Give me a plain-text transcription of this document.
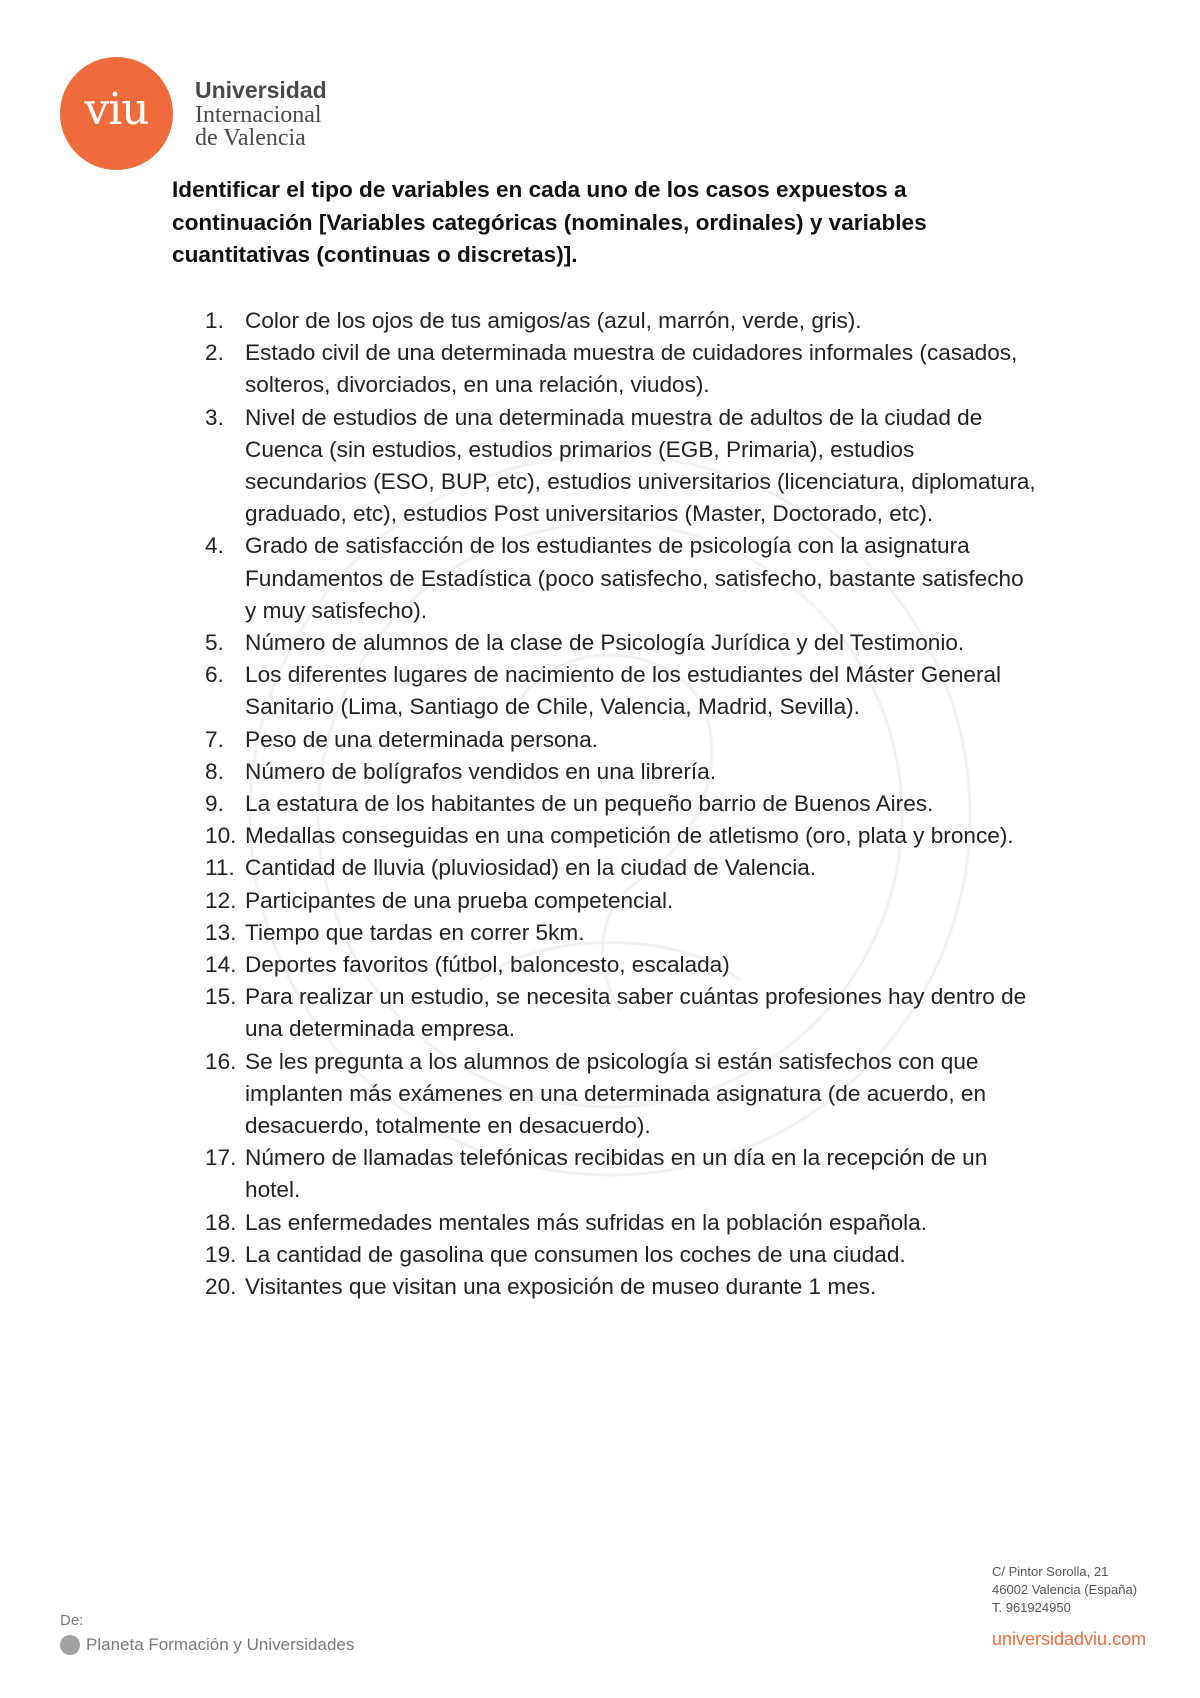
viu	Universidad
Internacional
de Valencia

Identificar el tipo de variables en cada uno de los casos expuestos a continuación [Variables categóricas (nominales, ordinales) y variables cuantitativas (continuas o discretas)].

1. Color de los ojos de tus amigos/as (azul, marrón, verde, gris).
2. Estado civil de una determinada muestra de cuidadores informales (casados, solteros, divorciados, en una relación, viudos).
3. Nivel de estudios de una determinada muestra de adultos de la ciudad de Cuenca (sin estudios, estudios primarios (EGB, Primaria), estudios secundarios (ESO, BUP, etc), estudios universitarios (licenciatura, diplomatura, graduado, etc), estudios Post universitarios (Master, Doctorado, etc).
4. Grado de satisfacción de los estudiantes de psicología con la asignatura Fundamentos de Estadística (poco satisfecho, satisfecho, bastante satisfecho y muy satisfecho).
5. Número de alumnos de la clase de Psicología Jurídica y del Testimonio.
6. Los diferentes lugares de nacimiento de los estudiantes del Máster General Sanitario (Lima, Santiago de Chile, Valencia, Madrid, Sevilla).
7. Peso de una determinada persona.
8. Número de bolígrafos vendidos en una librería.
9. La estatura de los habitantes de un pequeño barrio de Buenos Aires.
10. Medallas conseguidas en una competición de atletismo (oro, plata y bronce).
11. Cantidad de lluvia (pluviosidad) en la ciudad de Valencia.
12. Participantes de una prueba competencial.
13. Tiempo que tardas en correr 5km.
14. Deportes favoritos (fútbol, baloncesto, escalada)
15. Para realizar un estudio, se necesita saber cuántas profesiones hay dentro de una determinada empresa.
16. Se les pregunta a los alumnos de psicología si están satisfechos con que implanten más exámenes en una determinada asignatura (de acuerdo, en desacuerdo, totalmente en desacuerdo).
17. Número de llamadas telefónicas recibidas en un día en la recepción de un hotel.
18. Las enfermedades mentales más sufridas en la población española.
19. La cantidad de gasolina que consumen los coches de una ciudad.
20. Visitantes que visitan una exposición de museo durante 1 mes.
C/ Pintor Sorolla, 21
46002 Valencia (España)
T. 961924950
universidadviu.com
De:
Planeta Formación y Universidades
